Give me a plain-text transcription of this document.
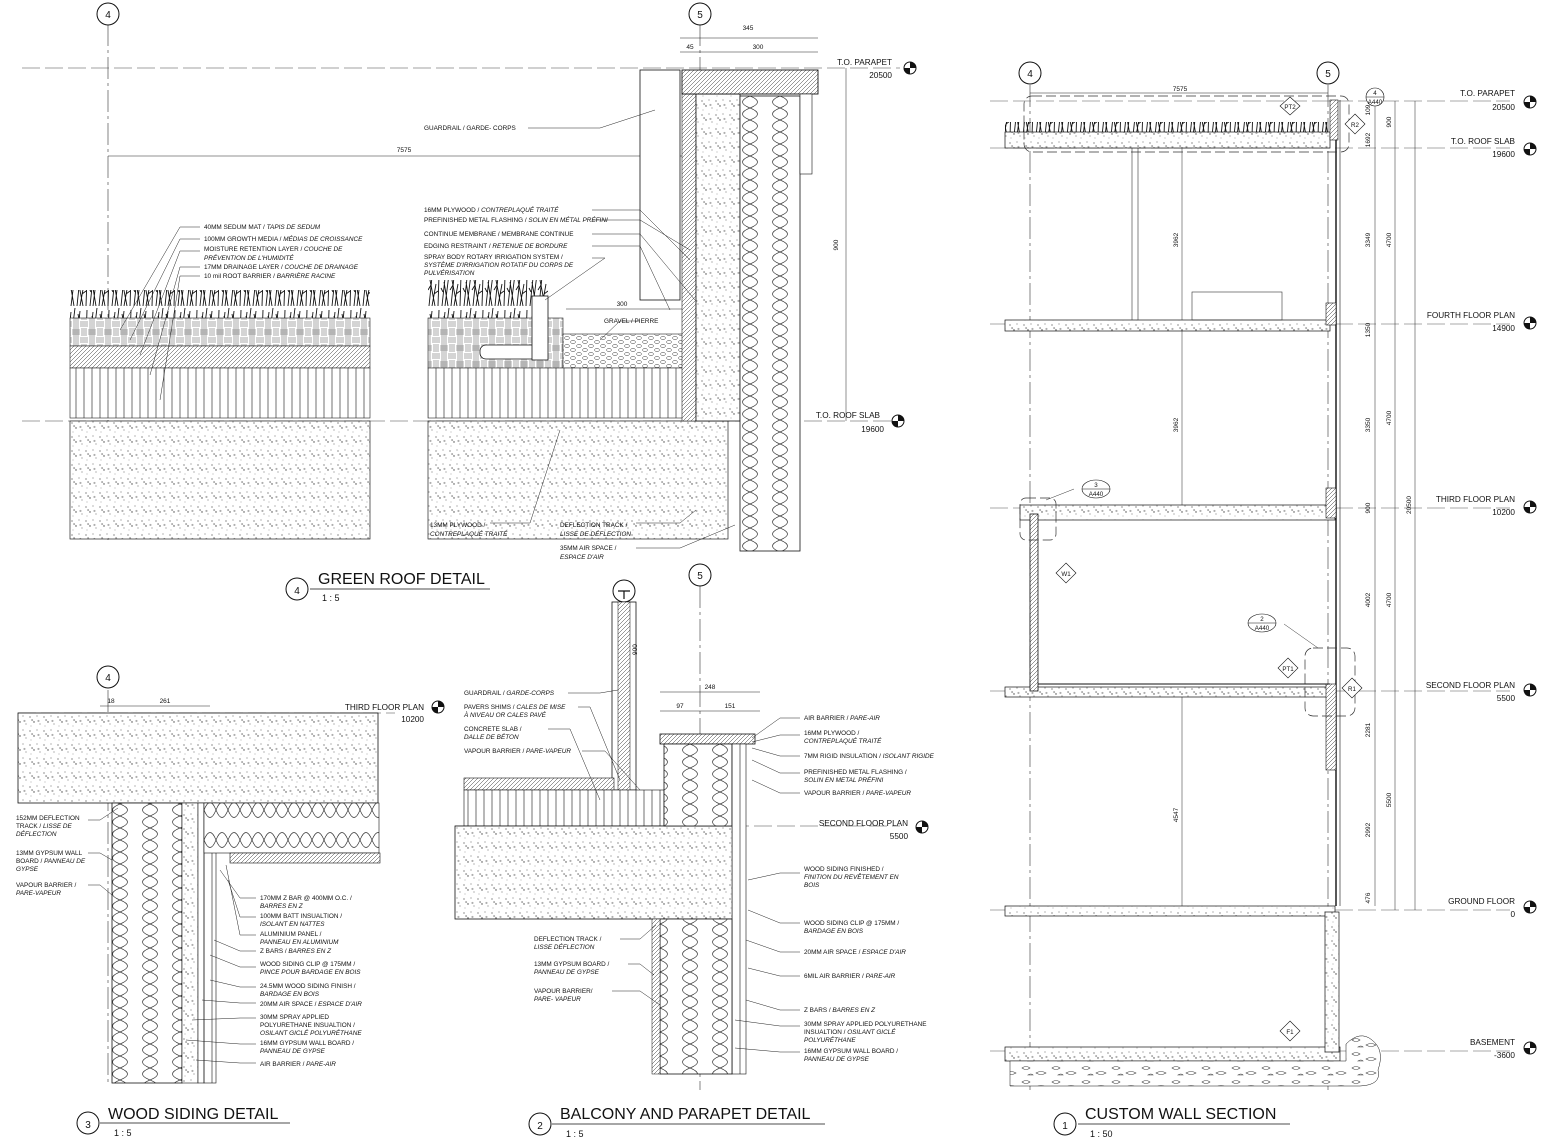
4	5
7575
345
45	300
900
300
T.O. PARAPET
20500
T.O. ROOF SLAB
19600
40MM SEDUM MAT / TAPIS DE SEDUM
100MM GROWTH MEDIA / MÉDIAS DE CROISSANCE
MOISTURE RETENTION LAYER / COUCHE DE
PRÉVENTION DE L'HUMIDITÉ
17MM DRAINAGE LAYER / COUCHE DE DRAINAGE
10 mil ROOT BARRIER / BARRIÈRE RACINE
GUARDRAIL / GARDE- CORPS
16MM PLYWOOD / CONTREPLAQUÉ TRAITÉ
PREFINISHED METAL FLASHING / SOLIN EN MÉTAL PRÉFINI
CONTINUE MEMBRANE / MEMBRANE CONTINUE
EDGING RESTRAINT / RETENUE DE BORDURE
SPRAY BODY ROTARY IRRIGATION SYSTEM /
SYSTÈME D'IRRIGATION ROTATIF DU CORPS DE
PULVÉRISATION
GRAVEL / PIERRE
13MM PLYWOOD /
CONTREPLAQUÉ TRAITÉ
DEFLECTION TRACK /
LISSE DE DÉFLECTION
35MM AIR SPACE /
ESPACE D'AIR
4
GREEN ROOF DETAIL
1 : 5
4
18	261
152MM DEFLECTION
TRACK / LISSE DE
DÉFLECTION
13MM GYPSUM WALL
BOARD / PANNEAU DE
GYPSE
VAPOUR BARRIER /
PARE-VAPEUR
170MM Z BAR @ 400MM O.C. /
BARRES EN Z
100MM BATT INSUALTION /
ISOLANT EN NATTES
ALUMINIUM PANEL /
PANNEAU EN ALUMINIUM
Z BARS / BARRES EN Z
WOOD SIDING CLIP @ 175MM /
PINCE POUR BARDAGE EN BOIS
24.5MM WOOD SIDING FINISH /
BARDAGE EN BOIS
20MM AIR SPACE / ESPACE D'AIR
30MM SPRAY APPLIED
POLYURETHANE INSUALTION /
OSILANT GICLÉ POLYURÉTHANE
16MM GYPSUM WALL BOARD /
PANNEAU DE GYPSE
AIR BARRIER / PARE-AIR
THIRD FLOOR PLAN
10200
3
WOOD SIDING DETAIL
1 : 5
5
900
248
97	151
GUARDRAIL / GARDE-CORPS
PAVERS SHIMS / CALES DE MISE
À NIVEAU OR CALES PAVÉ
CONCRETE SLAB /
DALLE DE BÉTON
VAPOUR BARRIER / PARE-VAPEUR
DEFLECTION TRACK /
LISSE DÉFLECTION
13MM GYPSUM BOARD /
PANNEAU DE GYPSE
VAPOUR BARRIER/
PARE- VAPEUR
AIR BARRIER / PARE-AIR
16MM PLYWOOD /
CONTREPLAQUÉ TRAITÉ
7MM RIGID INSULATION / ISOLANT RIGIDE
PREFINISHED METAL FLASHING /
SOLIN EN METAL PRÉFINI
VAPOUR BARRIER / PARE-VAPEUR
WOOD SIDING FINISHED /
FINITION DU REVÊTEMENT EN
BOIS
WOOD SIDING CLIP @ 175MM /
BARDAGE EN BOIS
20MM AIR SPACE / ESPACE D'AIR
6MIL AIR BARRIER / PARE-AIR
Z BARS / BARRES EN Z
30MM SPRAY APPLIED POLYURETHANE
INSUALTION / OSILANT GICLÉ
POLYURÉTHANE
16MM GYPSUM WALL BOARD /
PANNEAU DE GYPSE
SECOND FLOOR PLAN
5500
2
BALCONY AND PARAPET DETAIL
1 : 5
4	5
3962
3962
4547
4002
7575
109
900
1692
3349 4700
1350
3350 4700
900	20500
4700
2281
5500
2992
476
PT2
R2
4
A440
3
A440
W1
2
A440
PT1
R1
F1
T.O. PARAPET
20500
T.O. ROOF SLAB
19600
FOURTH FLOOR PLAN
14900
THIRD FLOOR PLAN
10200
SECOND FLOOR PLAN
5500
GROUND FLOOR
0
BASEMENT
-3600
1
CUSTOM WALL SECTION
1 : 50
